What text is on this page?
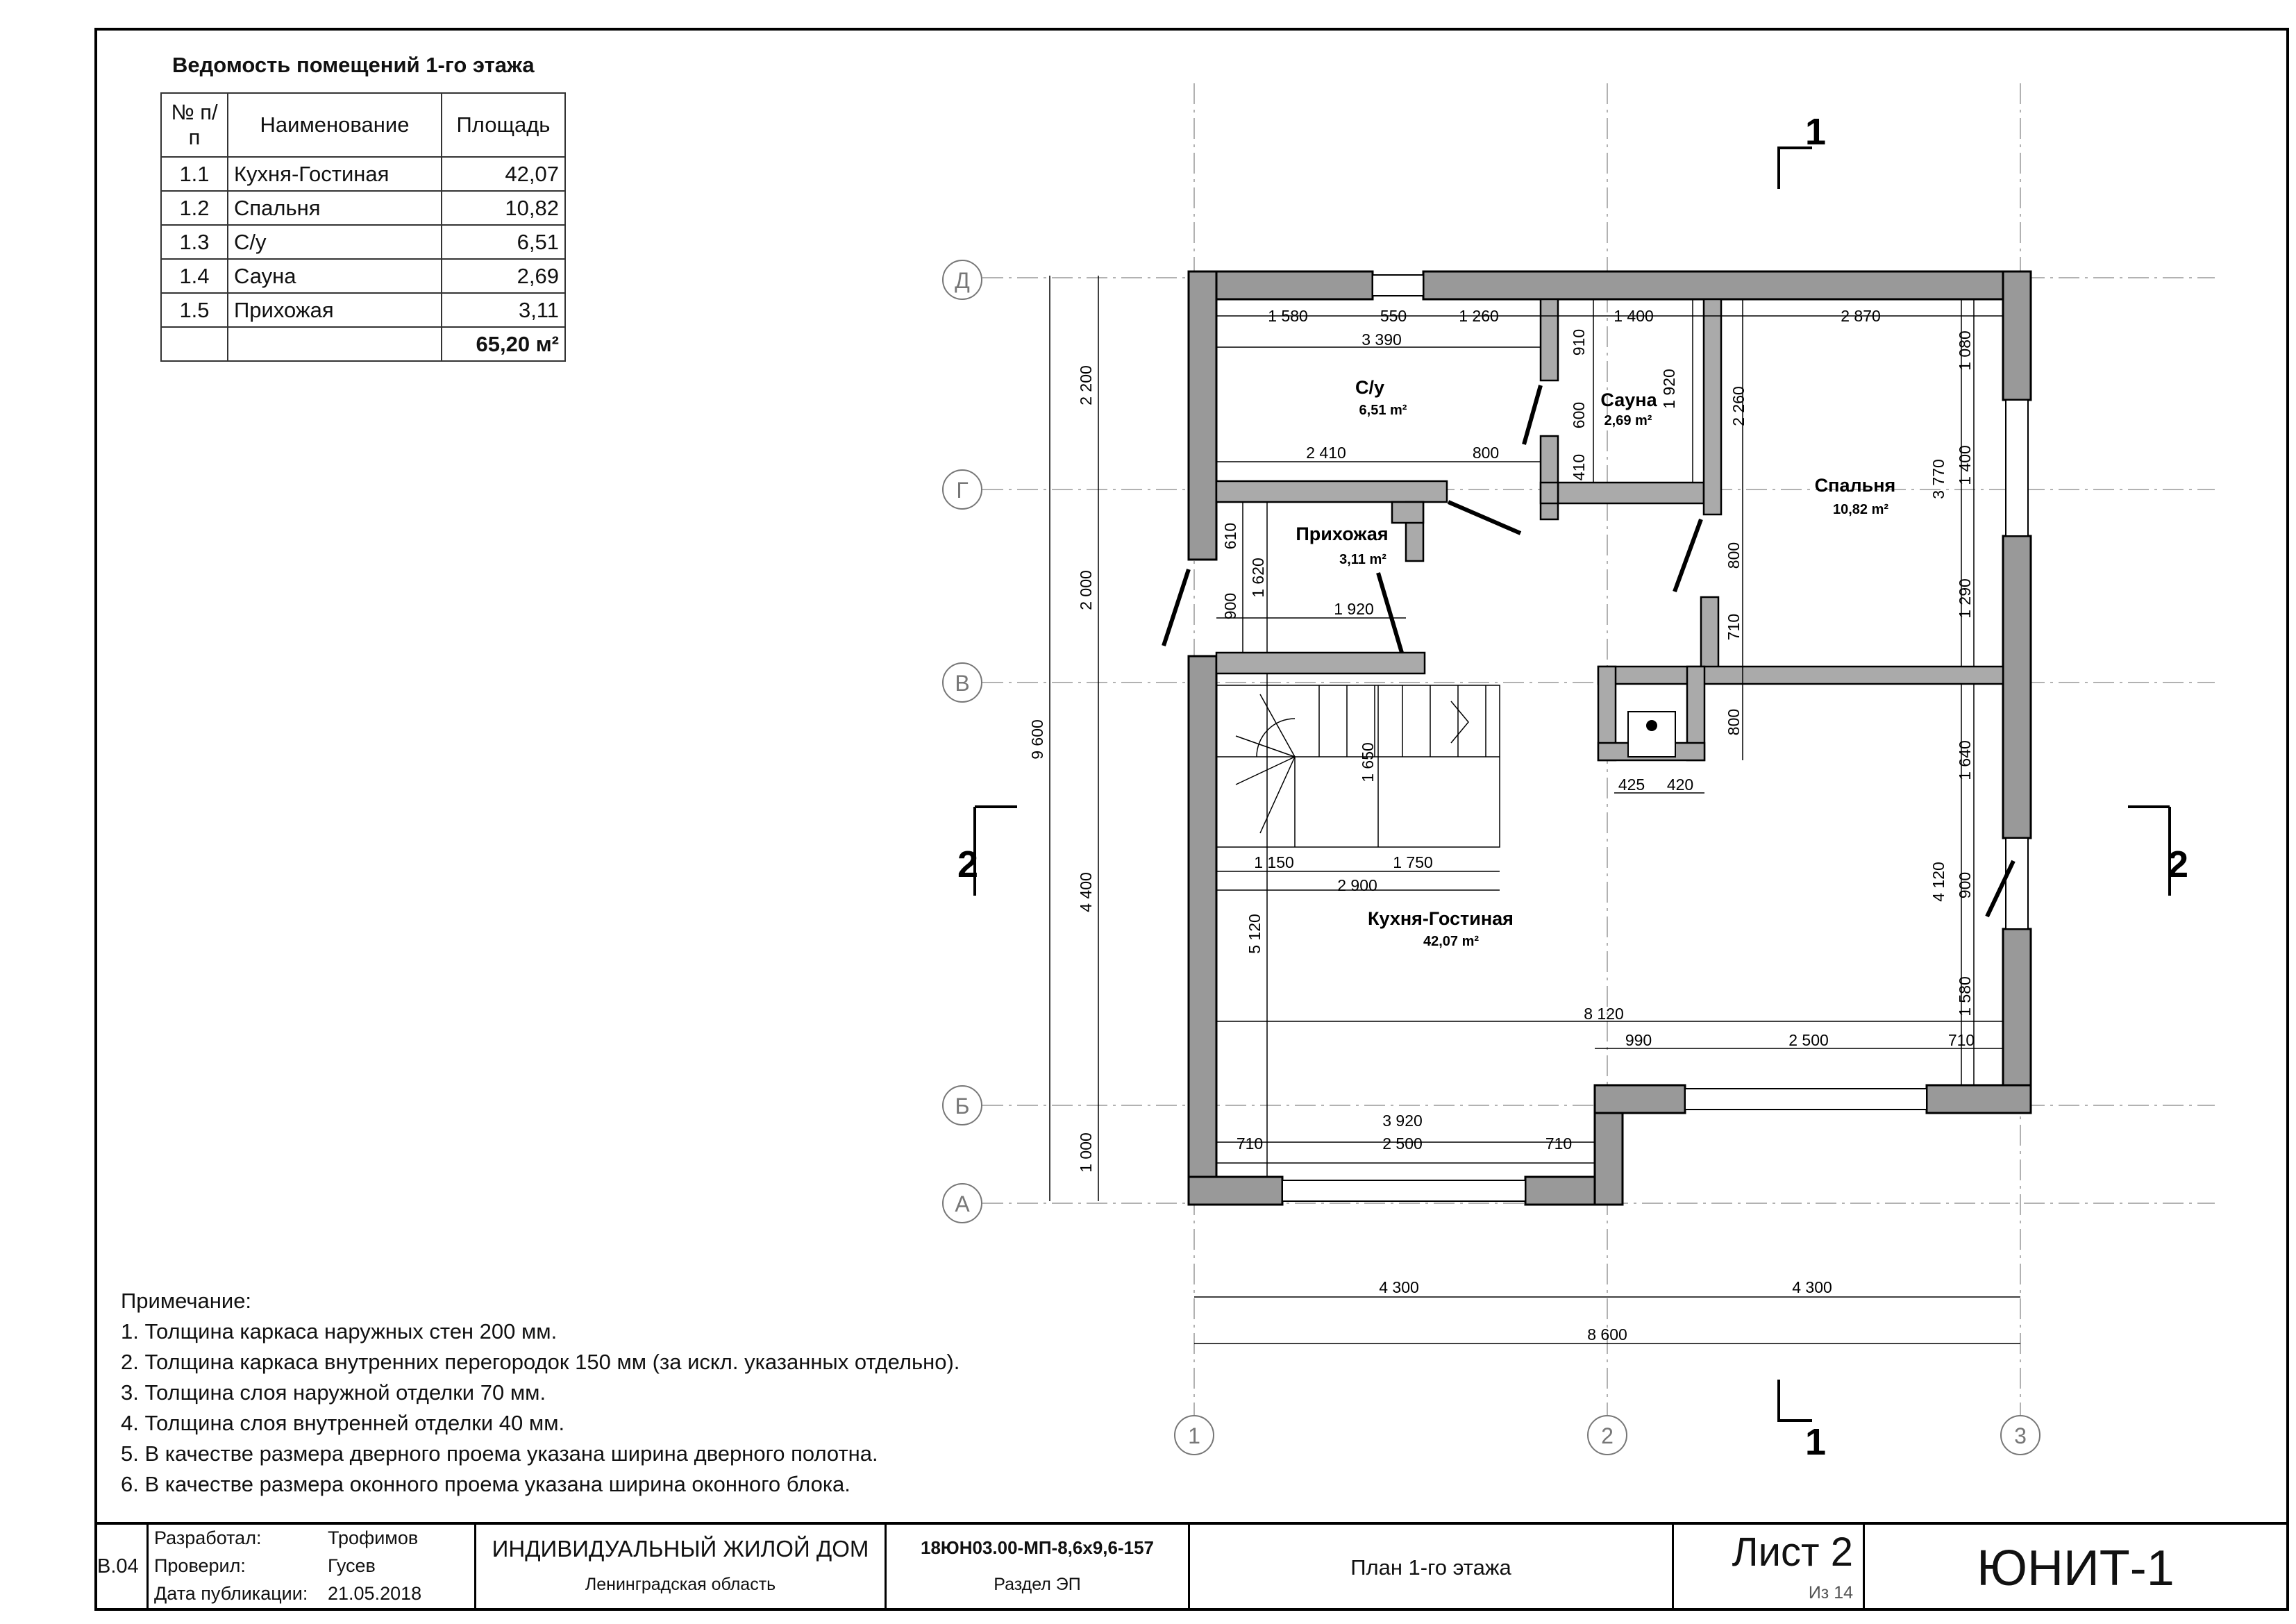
Ведомость помещений 1-го этажа
№ п/п	Наименование	Площадь
1.1	Кухня-Гостиная	42,07
1.2	Спальня	10,82
1.3	С/у	6,51
1.4	Сауна	2,69
1.5	Прихожая	3,11
		65,20 м²
Д
Г
В
Б
А
1	2	3
1
1
2	2
1 580	550	1 260	1 400	2 870
3 390
2 410	800
1 920
1 150	1 750
2 900
425 420
8 120
990	2 500	710
3 920
710	2 500	710
4 300	4 300
8 600
2 200
2 000
4 400
1 000
9 600
910
600
410
1 920	2 260
1 080
3 770 1 400
1 290
610
1 620
900
800
710
800
1 650
5 120
1 640
4 120 900
1 580
С/у
6,51 m²	Сауна
2,69 m²
Спальня
10,82 m²
Прихожая
3,11 m²
Кухня-Гостиная
42,07 m²
Примечание:
1. Толщина каркаса наружных стен 200 мм.
2. Толщина каркаса внутренних перегородок 150 мм (за искл. указанных отдельно).
3. Толщина слоя наружной отделки 70 мм.
4. Толщина слоя внутренней отделки 40 мм.
5. В качестве размера дверного проема указана ширина дверного полотна.
6. В качестве размера оконного проема указана ширина оконного блока.
В.04
Разработал:	Трофимов
Проверил:	Гусев
Дата публикации: 21.05.2018
ИНДИВИДУАЛЬНЫЙ ЖИЛОЙ ДОМ
Ленинградская область
18ЮН03.00-МП-8,6х9,6-157
Раздел ЭП
План 1-го этажа	Лист 2
Из 14	ЮНИТ-1
